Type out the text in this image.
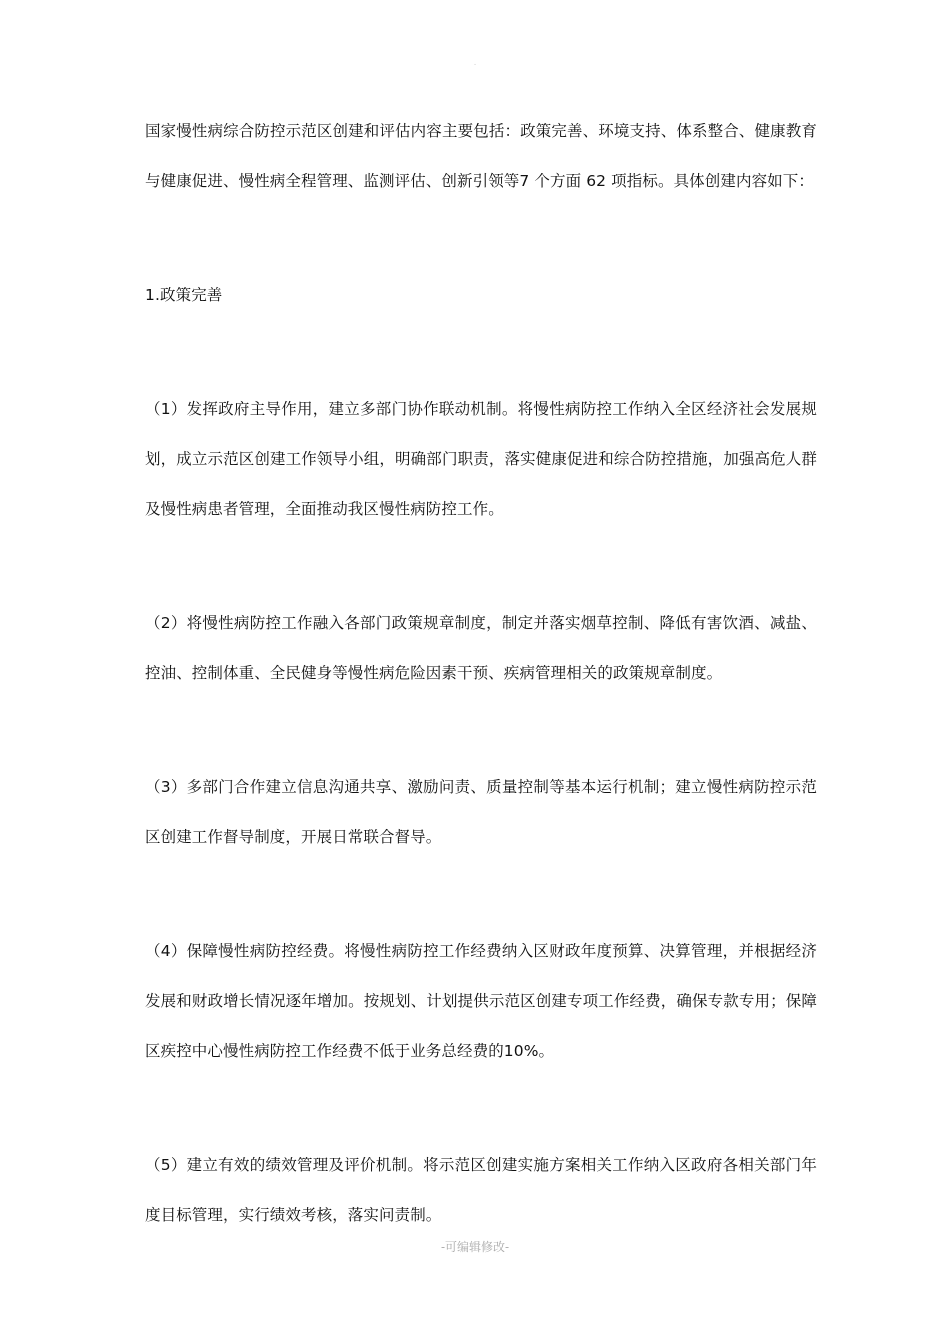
.

国家慢性病综合防控示范区创建和评估内容主要包括：政策完善、环境支持、体系整合、健康教育与健康促进、慢性病全程管理、监测评估、创新引领等7 个方面 62 项指标。具体创建内容如下：

1.政策完善

（1）发挥政府主导作用，建立多部门协作联动机制。将慢性病防控工作纳入全区经济社会发展规划，成立示范区创建工作领导小组，明确部门职责，落实健康促进和综合防控措施，加强高危人群及慢性病患者管理，全面推动我区慢性病防控工作。

（2）将慢性病防控工作融入各部门政策规章制度，制定并落实烟草控制、降低有害饮酒、减盐、控油、控制体重、全民健身等慢性病危险因素干预、疾病管理相关的政策规章制度。

（3）多部门合作建立信息沟通共享、激励问责、质量控制等基本运行机制；建立慢性病防控示范区创建工作督导制度，开展日常联合督导。

（4）保障慢性病防控经费。将慢性病防控工作经费纳入区财政年度预算、决算管理，并根据经济发展和财政增长情况逐年增加。按规划、计划提供示范区创建专项工作经费，确保专款专用；保障区疾控中心慢性病防控工作经费不低于业务总经费的10%。

（5）建立有效的绩效管理及评价机制。将示范区创建实施方案相关工作纳入区政府各相关部门年度目标管理，实行绩效考核，落实问责制。

-可编辑修改-
